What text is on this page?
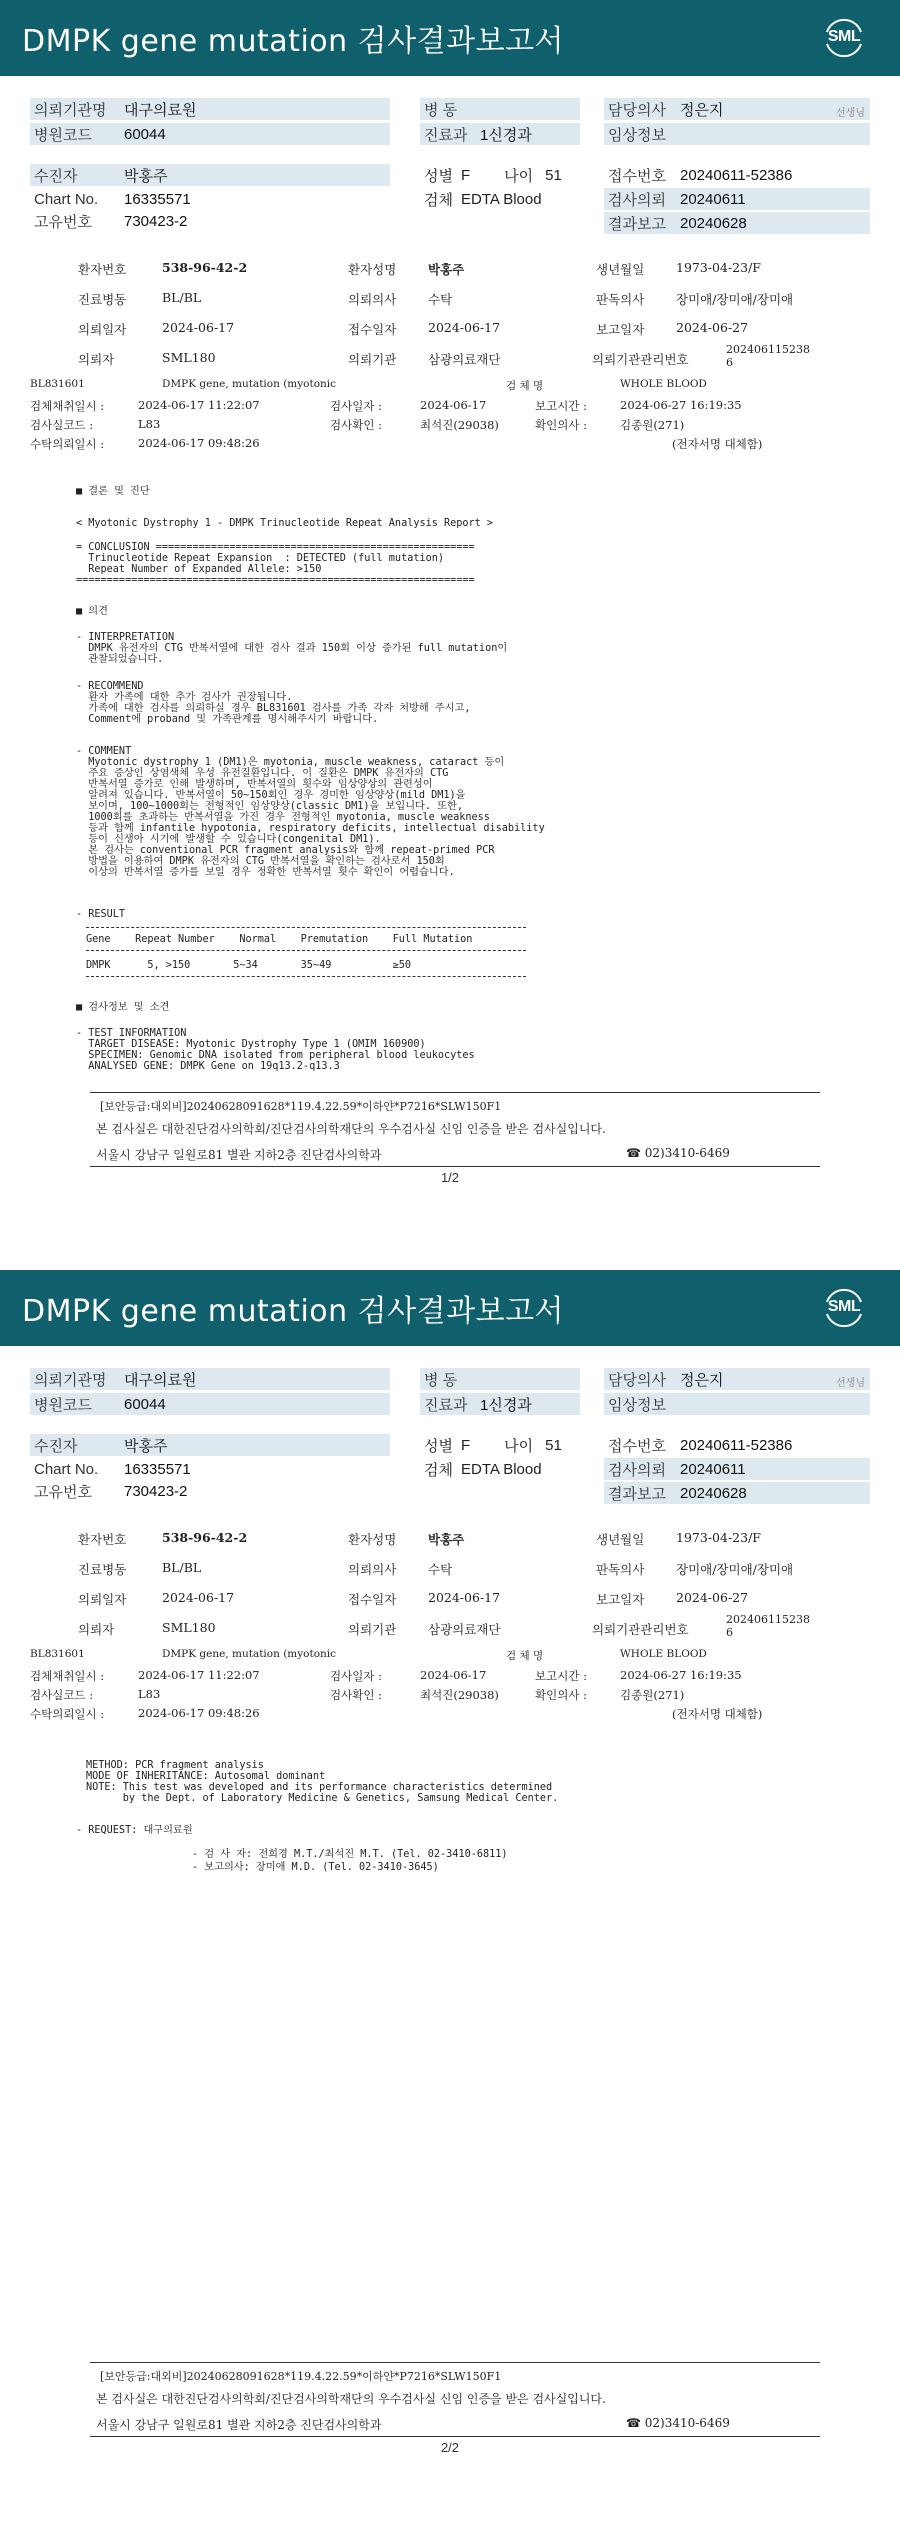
DMPK gene mutation 검사결과보고서	SML
의뢰기관명	대구의료원
병원코드	60044
병 동
진료과 1신경과
담당의사 정은지	선생님
임상정보
수진자	박홍주
Chart No.	16335571
고유번호	730423-2
성별 F 나이 51
검체 EDTA Blood
접수번호 20240611-52386
검사의뢰 20240611
결과보고 20240628
환자번호	538-96-42-2	환자성명	박홍주	생년월일	1973-04-23/F
진료병동	BL/BL	의뢰의사	수탁	판독의사	장미애/장미애/장미애
의뢰일자	2024-06-17	접수일자	2024-06-17	보고일자	2024-06-27
의뢰자	SML180	의뢰기관	삼광의료재단	의뢰기관관리번호
202406115238
6
BL831601	DMPK gene, mutation (myotonic	검 체 명	WHOLE BLOOD
검체채취일시 :	2024-06-17 11:22:07	검사일자 :	2024-06-17	보고시간 :	2024-06-27 16:19:35
검사실코드 :	L83	검사확인 :	최석진(29038)	확인의사 :	김종원(271)
수탁의뢰일시 :	2024-06-17 09:48:26	(전자서명 대체함)
■ 결론 및 진단
< Myotonic Dystrophy 1 - DMPK Trinucleotide Repeat Analysis Report >
= CONCLUSION ====================================================
Trinucleotide Repeat Expansion  : DETECTED (full mutation)
Repeat Number of Expanded Allele: >150
=================================================================
■ 의견
- INTERPRETATION
DMPK 유전자의 CTG 반복서열에 대한 검사 결과 150회 이상 증가된 full mutation이
관찰되었습니다.
- RECOMMEND
환자 가족에 대한 추가 검사가 권장됩니다.
가족에 대한 검사를 의뢰하실 경우 BL831601 검사를 가족 각자 처방해 주시고,
Comment에 proband 및 가족관계를 명시해주시기 바랍니다.
- COMMENT
Myotonic dystrophy 1 (DM1)은 myotonia, muscle weakness, cataract 등이
주요 증상인 상염색체 우성 유전질환입니다. 이 질환은 DMPK 유전자의 CTG
반복서열 증가로 인해 발생하며, 반복서열의 횟수와 임상양상의 관련성이
알려져 있습니다. 반복서열이 50~150회인 경우 경미한 임상양상(mild DM1)을
보이며, 100~1000회는 전형적인 임상양상(classic DM1)을 보입니다. 또한,
1000회를 초과하는 반복서열을 가진 경우 전형적인 myotonia, muscle weakness
등과 함께 infantile hypotonia, respiratory deficits, intellectual disability
등이 신생아 시기에 발생할 수 있습니다(congenital DM1).
본 검사는 conventional PCR fragment analysis와 함께 repeat-primed PCR
방법을 이용하여 DMPK 유전자의 CTG 반복서열을 확인하는 검사로서 150회
이상의 반복서열 증가를 보일 경우 정확한 반복서열 횟수 확인이 어렵습니다.
- RESULT
Gene    Repeat Number    Normal    Premutation    Full Mutation
DMPK      5, >150       5~34       35~49          ≥50
■ 검사정보 및 소견
- TEST INFORMATION
TARGET DISEASE: Myotonic Dystrophy Type 1 (OMIM 160900)
SPECIMEN: Genomic DNA isolated from peripheral blood leukocytes
ANALYSED GENE: DMPK Gene on 19q13.2-q13.3
[보안등급:대외비]20240628091628*119.4.22.59*이하얀*P7216*SLW150F1
본 검사실은 대한진단검사의학회/진단검사의학재단의 우수검사실 신임 인증을 받은 검사실입니다.
서울시 강남구 일원로81 별관 지하2층 진단검사의학과	☎ 02)3410-6469
1/2
DMPK gene mutation 검사결과보고서	SML
의뢰기관명	대구의료원
병원코드	60044
병 동
진료과 1신경과
담당의사 정은지	선생님
임상정보
수진자	박홍주
Chart No.	16335571
고유번호	730423-2
성별 F 나이 51
검체 EDTA Blood
접수번호 20240611-52386
검사의뢰 20240611
결과보고 20240628
환자번호	538-96-42-2	환자성명	박홍주	생년월일	1973-04-23/F
진료병동	BL/BL	의뢰의사	수탁	판독의사	장미애/장미애/장미애
의뢰일자	2024-06-17	접수일자	2024-06-17	보고일자	2024-06-27
의뢰자	SML180	의뢰기관	삼광의료재단	의뢰기관관리번호
202406115238
6
BL831601	DMPK gene, mutation (myotonic	검 체 명	WHOLE BLOOD
검체채취일시 :	2024-06-17 11:22:07	검사일자 :	2024-06-17	보고시간 :	2024-06-27 16:19:35
검사실코드 :	L83	검사확인 :	최석진(29038)	확인의사 :	김종원(271)
수탁의뢰일시 :	2024-06-17 09:48:26	(전자서명 대체함)
METHOD: PCR fragment analysis
MODE OF INHERITANCE: Autosomal dominant
NOTE: This test was developed and its performance characteristics determined
by the Dept. of Laboratory Medicine & Genetics, Samsung Medical Center.
- REQUEST: 대구의료원
- 검 사 자: 전희경 M.T./최석진 M.T. (Tel. 02-3410-6811)
- 보고의사: 장미애 M.D. (Tel. 02-3410-3645)
[보안등급:대외비]20240628091628*119.4.22.59*이하얀*P7216*SLW150F1
본 검사실은 대한진단검사의학회/진단검사의학재단의 우수검사실 신임 인증을 받은 검사실입니다.
서울시 강남구 일원로81 별관 지하2층 진단검사의학과	☎ 02)3410-6469
2/2
